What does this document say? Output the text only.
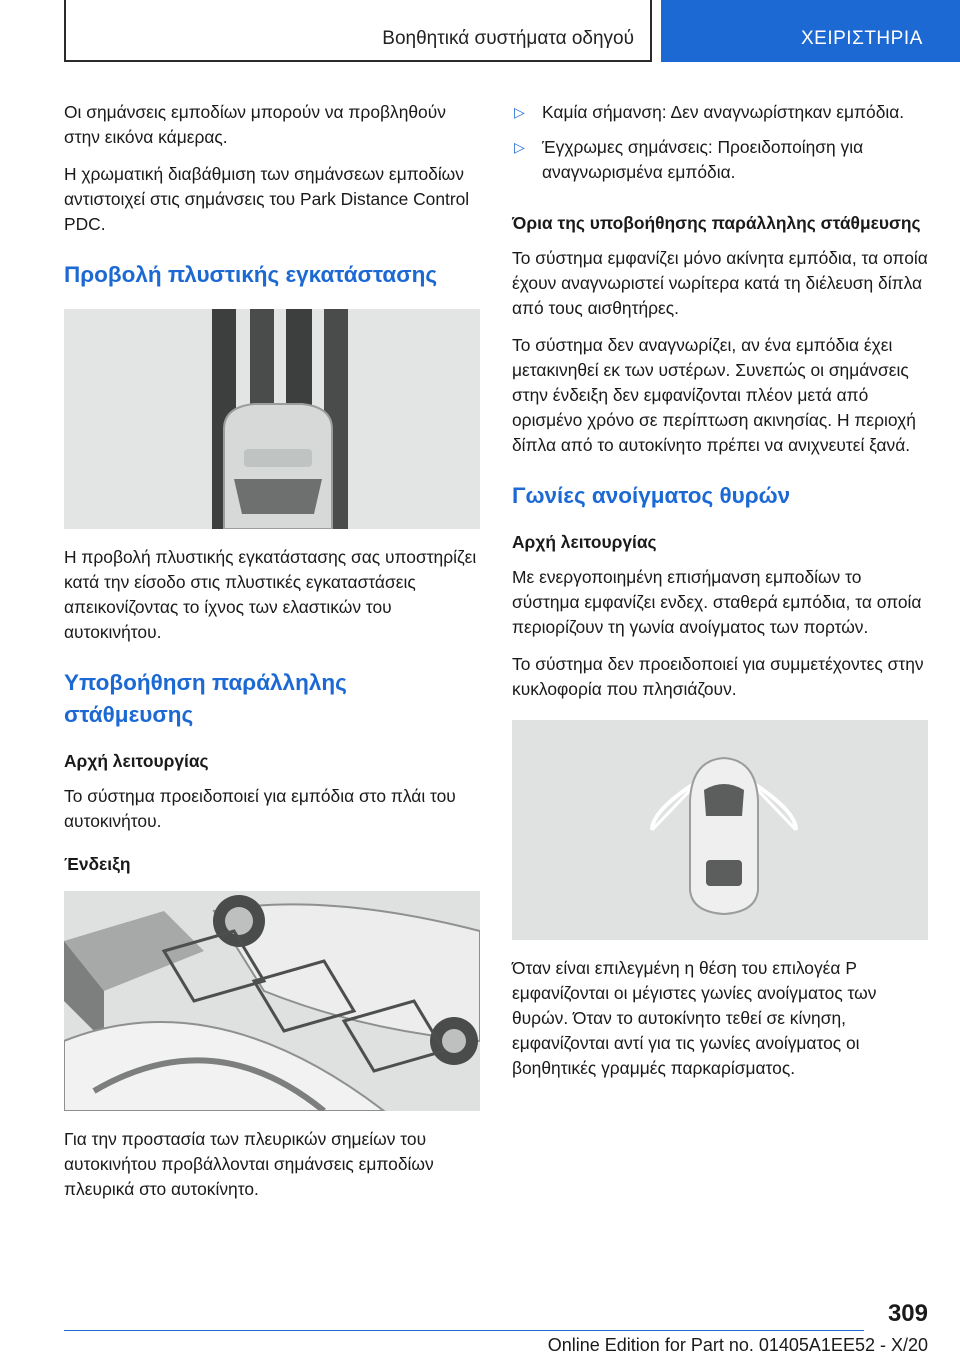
Βοηθητικά συστήματα οδηγού	ΧΕΙΡΙΣΤΗΡΙΑ

Οι σημάνσεις εμποδίων μπορούν να προβληθούν στην εικόνα κάμερας.

Η χρωματική διαβάθμιση των σημάνσεων εμποδίων αντιστοιχεί στις σημάνσεις του Park Distance Control PDC.

Προβολή πλυστικής εγκατάστασης

Η προβολή πλυστικής εγκατάστασης σας υποστηρίζει κατά την είσοδο στις πλυστικές εγκαταστάσεις απεικονίζοντας το ίχνος των ελαστικών του αυτοκινήτου.

Υποβοήθηση παράλληλης στάθμευσης
Αρχή λειτουργίας

Το σύστημα προειδοποιεί για εμπόδια στο πλάι του αυτοκινήτου.

Ένδειξη

Για την προστασία των πλευρικών σημείων του αυτοκινήτου προβάλλονται σημάνσεις εμποδίων πλευρικά στο αυτοκίνητο.

▷ Καμία σήμανση: Δεν αναγνωρίστηκαν εμπόδια.
▷ Έγχρωμες σημάνσεις: Προειδοποίηση για αναγνωρισμένα εμπόδια.
Όρια της υποβοήθησης παράλληλης στάθμευσης

Το σύστημα εμφανίζει μόνο ακίνητα εμπόδια, τα οποία έχουν αναγνωριστεί νωρίτερα κατά τη διέλευση δίπλα από τους αισθητήρες.

Το σύστημα δεν αναγνωρίζει, αν ένα εμπόδια έχει μετακινηθεί εκ των υστέρων. Συνεπώς οι σημάνσεις στην ένδειξη δεν εμφανίζονται πλέον μετά από ορισμένο χρόνο σε περίπτωση ακινησίας. Η περιοχή δίπλα από το αυτοκίνητο πρέπει να ανιχνευτεί ξανά.

Γωνίες ανοίγματος θυρών
Αρχή λειτουργίας

Με ενεργοποιημένη επισήμανση εμποδίων το σύστημα εμφανίζει ενδεχ. σταθερά εμπόδια, τα οποία περιορίζουν τη γωνία ανοίγματος των πορτών.

Το σύστημα δεν προειδοποιεί για συμμετέχοντες στην κυκλοφορία που πλησιάζουν.

Όταν είναι επιλεγμένη η θέση του επιλογέα P εμφανίζονται οι μέγιστες γωνίες ανοίγματος των θυρών. Όταν το αυτοκίνητο τεθεί σε κίνηση, εμφανίζονται αντί για τις γωνίες ανοίγματος οι βοηθητικές γραμμές παρκαρίσματος.

309
Online Edition for Part no. 01405A1EE52 - X/20
